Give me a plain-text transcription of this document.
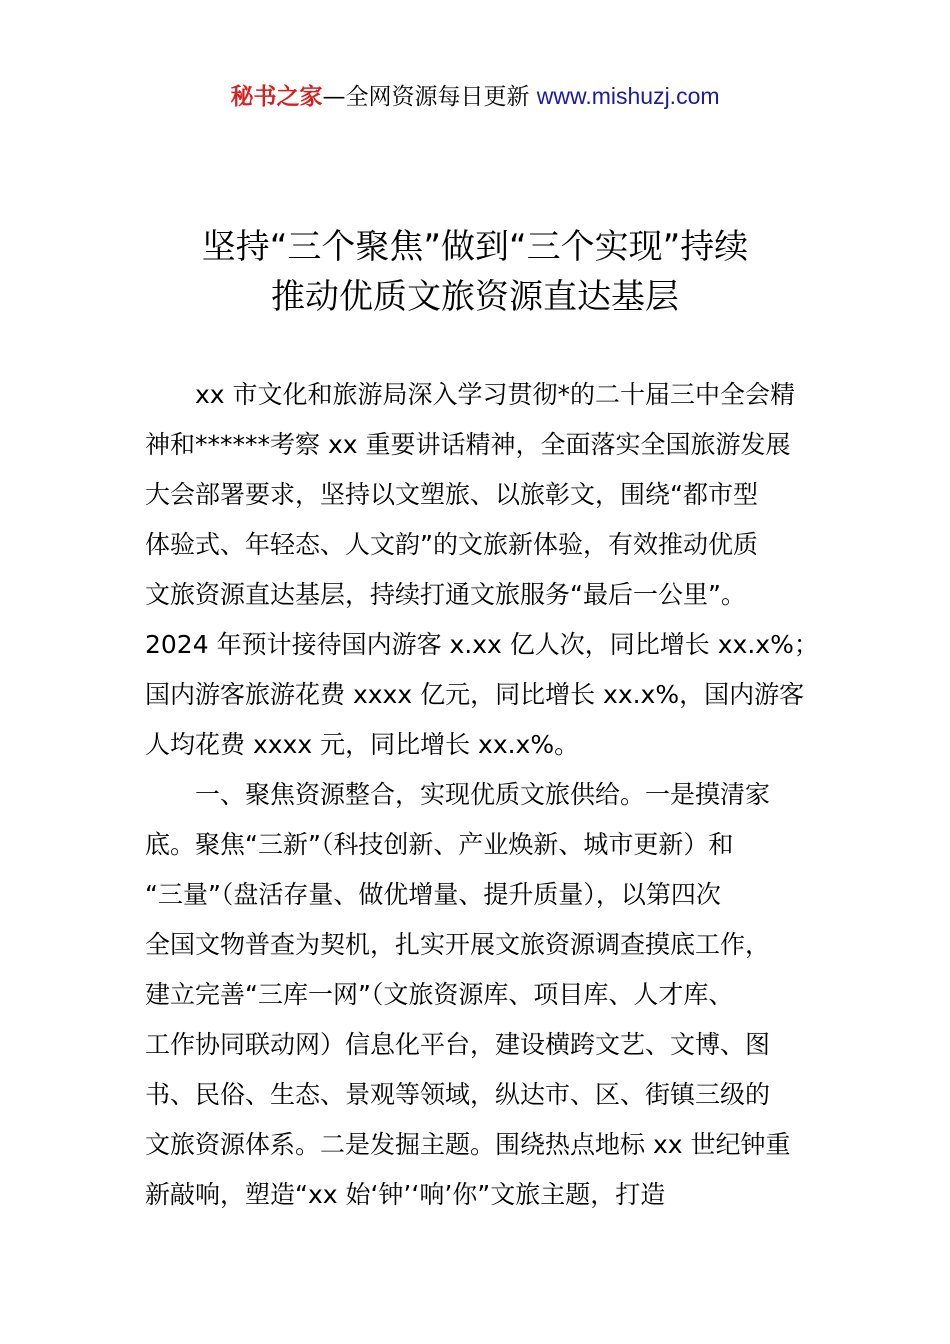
秘书之家—全网资源每日更新 www.mishuzj.com
坚持“三个聚焦”做到“三个实现”持续
推动优质文旅资源直达基层
xx 市文化和旅游局深入学习贯彻*的二十届三中全会精
神和******考察 xx 重要讲话精神，全面落实全国旅游发展
大会部署要求，坚持以文塑旅、以旅彰文，围绕“都市型
体验式、年轻态、人文韵”的文旅新体验，有效推动优质
文旅资源直达基层，持续打通文旅服务“最后一公里”。
2024 年预计接待国内游客 x.xx 亿人次，同比增长 xx.x%；
国内游客旅游花费 xxxx 亿元，同比增长 xx.x%，国内游客
人均花费 xxxx 元，同比增长 xx.x%。
一、聚焦资源整合，实现优质文旅供给。一是摸清家
底。聚焦“三新”（科技创新、产业焕新、城市更新）和
“三量”（盘活存量、做优增量、提升质量），以第四次
全国文物普查为契机，扎实开展文旅资源调查摸底工作，
建立完善“三库一网”（文旅资源库、项目库、人才库、
工作协同联动网）信息化平台，建设横跨文艺、文博、图
书、民俗、生态、景观等领域，纵达市、区、街镇三级的
文旅资源体系。二是发掘主题。围绕热点地标 xx 世纪钟重
新敲响，塑造“xx 始‘钟’‘响’你”文旅主题，打造
